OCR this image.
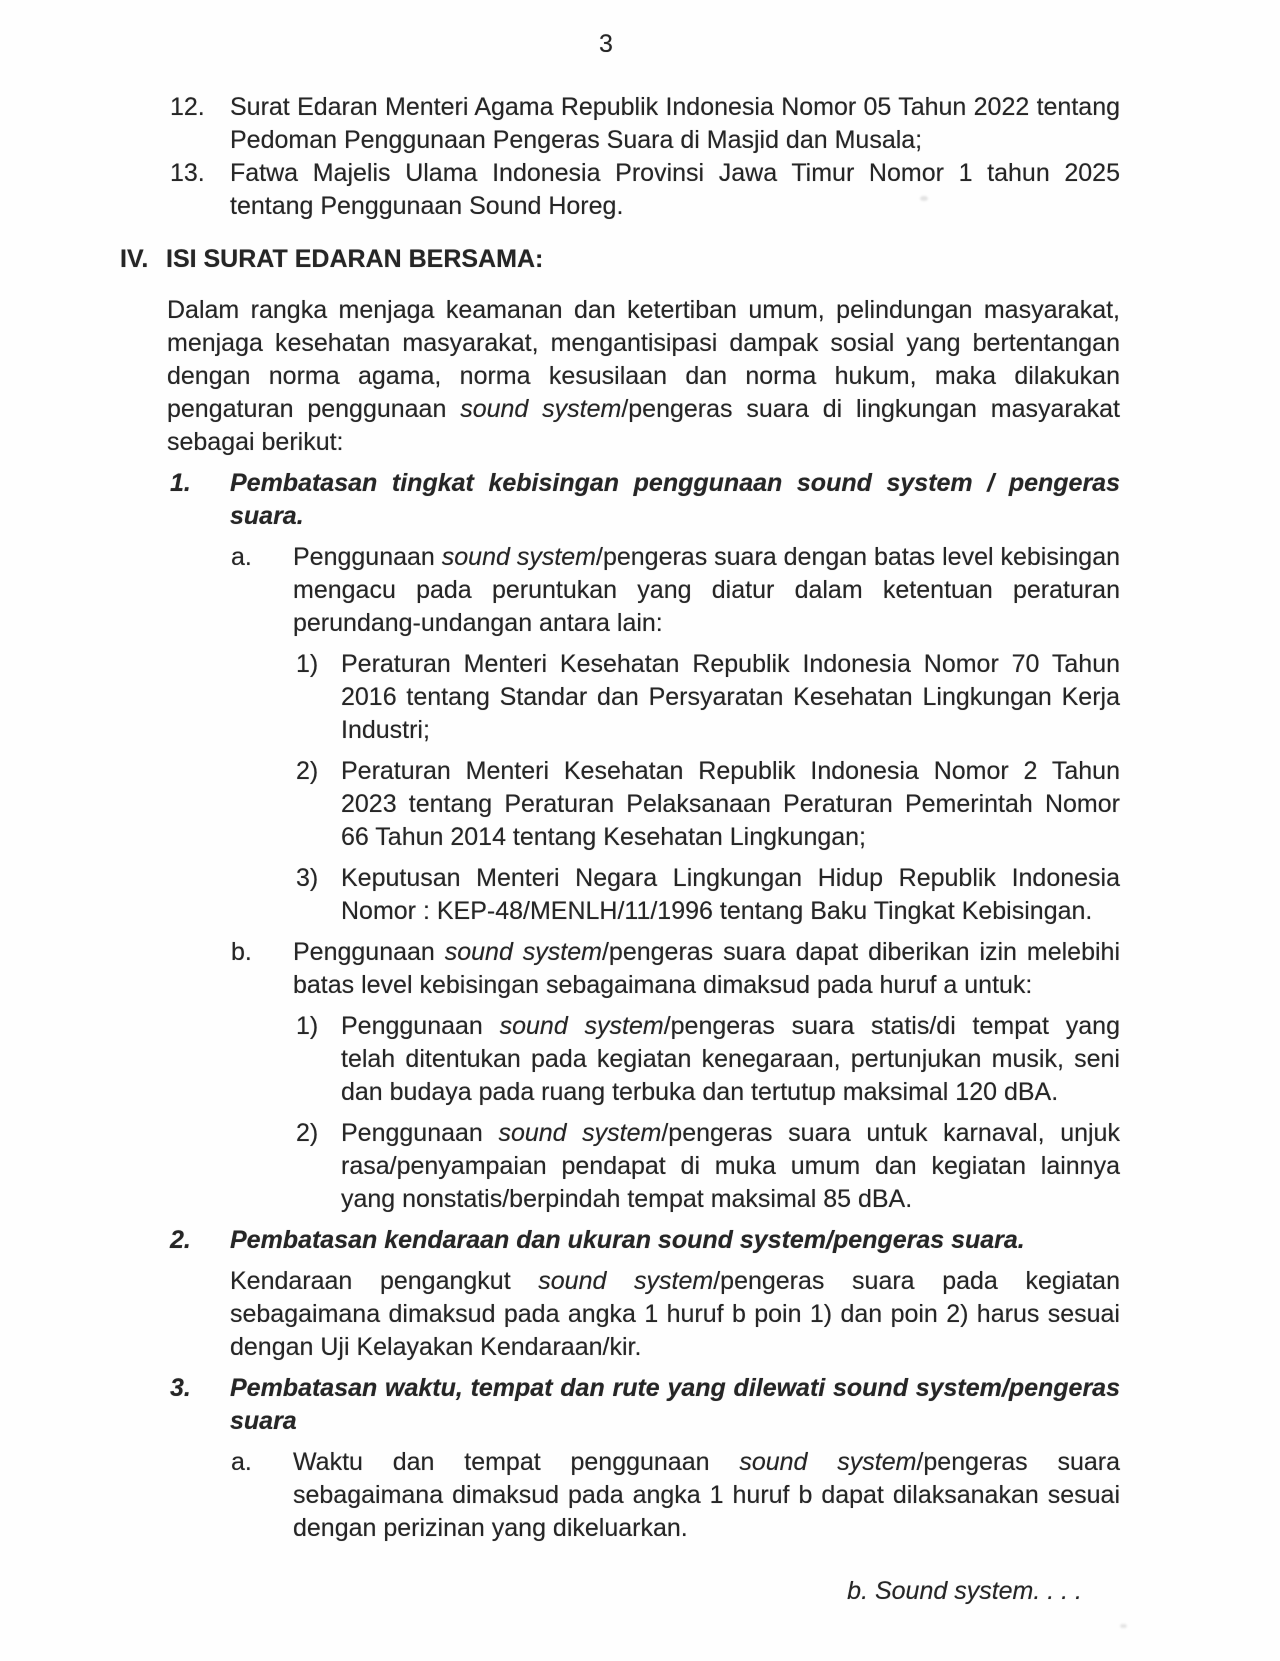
3
12.	Surat Edaran Menteri Agama Republik Indonesia Nomor 05 Tahun 2022 tentang Pedoman Penggunaan Pengeras Suara di Masjid dan Musala;
13.	Fatwa Majelis Ulama Indonesia Provinsi Jawa Timur Nomor 1 tahun 2025 tentang Penggunaan Sound Horeg.
IV. ISI SURAT EDARAN BERSAMA:
Dalam rangka menjaga keamanan dan ketertiban umum, pelindungan masyarakat, menjaga kesehatan masyarakat, mengantisipasi dampak sosial yang bertentangan dengan norma agama, norma kesusilaan dan norma hukum, maka dilakukan pengaturan penggunaan sound system/pengeras suara di lingkungan masyarakat sebagai berikut:
1.	Pembatasan tingkat kebisingan penggunaan sound system / pengeras suara.
a.	Penggunaan sound system/pengeras suara dengan batas level kebisingan mengacu pada peruntukan yang diatur dalam ketentuan peraturan perundang-undangan antara lain:
1) Peraturan Menteri Kesehatan Republik Indonesia Nomor 70 Tahun 2016 tentang Standar dan Persyaratan Kesehatan Lingkungan Kerja Industri;
2) Peraturan Menteri Kesehatan Republik Indonesia Nomor 2 Tahun 2023 tentang Peraturan Pelaksanaan Peraturan Pemerintah Nomor 66 Tahun 2014 tentang Kesehatan Lingkungan;
3) Keputusan Menteri Negara Lingkungan Hidup Republik Indonesia Nomor : KEP-48/MENLH/11/1996 tentang Baku Tingkat Kebisingan.
b.	Penggunaan sound system/pengeras suara dapat diberikan izin melebihi batas level kebisingan sebagaimana dimaksud pada huruf a untuk:
1) Penggunaan sound system/pengeras suara statis/di tempat yang telah ditentukan pada kegiatan kenegaraan, pertunjukan musik, seni dan budaya pada ruang terbuka dan tertutup maksimal 120 dBA.
2) Penggunaan sound system/pengeras suara untuk karnaval, unjuk rasa/penyampaian pendapat di muka umum dan kegiatan lainnya yang nonstatis/berpindah tempat maksimal 85 dBA.
2.	Pembatasan kendaraan dan ukuran sound system/pengeras suara.
Kendaraan pengangkut sound system/pengeras suara pada kegiatan sebagaimana dimaksud pada angka 1 huruf b poin 1) dan poin 2) harus sesuai dengan Uji Kelayakan Kendaraan/kir.
3.	Pembatasan waktu, tempat dan rute yang dilewati sound system/pengeras suara
a.	Waktu dan tempat penggunaan sound system/pengeras suara sebagaimana dimaksud pada angka 1 huruf b dapat dilaksanakan sesuai dengan perizinan yang dikeluarkan.
b. Sound system. . . .
